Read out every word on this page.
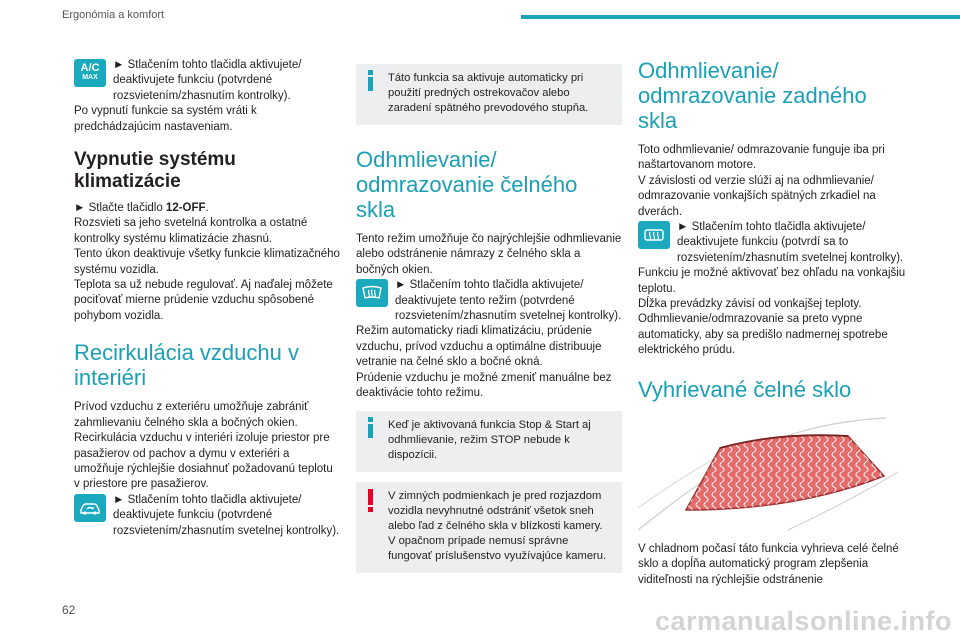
Ergonómia a komfort
A/C
MAX

► Stlačením tohto tlačidla aktivujete/ deaktivujete funkciu (potvrdené rozsvietením/zhasnutím kontrolky).

Po vypnutí funkcie sa systém vráti k predchádzajúcim nastaveniam.

Vypnutie systému klimatizácie

► Stlačte tlačidlo 12-OFF.

Rozsvieti sa jeho svetelná kontrolka a ostatné kontrolky systému klimatizácie zhasnú.

Tento úkon deaktivuje všetky funkcie klimatizačného systému vozidla.

Teplota sa už nebude regulovať. Aj naďalej môžete pociťovať mierne prúdenie vzduchu spôsobené pohybom vozidla.

Recirkulácia vzduchu v interiéri

Prívod vzduchu z exteriéru umožňuje zabrániť zahmlievaniu čelného skla a bočných okien.

Recirkulácia vzduchu v interiéri izoluje priestor pre pasažierov od pachov a dymu v exteriéri a umožňuje rýchlejšie dosiahnuť požadovanú teplotu v priestore pre pasažierov.

► Stlačením tohto tlačidla aktivujete/ deaktivujete funkciu (potvrdené rozsvietením/zhasnutím svetelnej kontrolky).

Táto funkcia sa aktivuje automaticky pri použití predných ostrekovačov alebo zaradení spätného prevodového stupňa.

Odhmlievanie/ odmrazovanie čelného skla

Tento režim umožňuje čo najrýchlejšie odhmlievanie alebo odstránenie námrazy z čelného skla a bočných okien.

► Stlačením tohto tlačidla aktivujete/ deaktivujete tento režim (potvrdené rozsvietením/zhasnutím svetelnej kontrolky).

Režim automaticky riadi klimatizáciu, prúdenie vzduchu, prívod vzduchu a optimálne distribuuje vetranie na čelné sklo a bočné okná.

Prúdenie vzduchu je možné zmeniť manuálne bez deaktivácie tohto režimu.

Keď je aktivovaná funkcia Stop & Start aj odhmlievanie, režim STOP nebude k dispozícii.

V zimných podmienkach je pred rozjazdom vozidla nevyhnutné odstrániť všetok sneh alebo ľad z čelného skla v blízkosti kamery.

V opačnom prípade nemusí správne fungovať príslušenstvo využívajúce kameru.

Odhmlievanie/ odmrazovanie zadného skla

Toto odhmlievanie/ odmrazovanie funguje iba pri naštartovanom motore.

V závislosti od verzie slúži aj na odhmlievanie/ odmrazovanie vonkajších spätných zrkadiel na dverách.

► Stlačením tohto tlačidla aktivujete/ deaktivujete funkciu (potvrdí sa to rozsvietením/zhasnutím svetelnej kontrolky).

Funkciu je možné aktivovať bez ohľadu na vonkajšiu teplotu.

Dĺžka prevádzky závisí od vonkajšej teploty.

Odhmlievanie/odmrazovanie sa preto vypne automaticky, aby sa predišlo nadmernej spotrebe elektrického prúdu.

Vyhrievané čelné sklo

V chladnom počasí táto funkcia vyhrieva celé čelné sklo a dopĺňa automatický program zlepšenia viditeľnosti na rýchlejšie odstránenie

62	carmanualsonline.info
